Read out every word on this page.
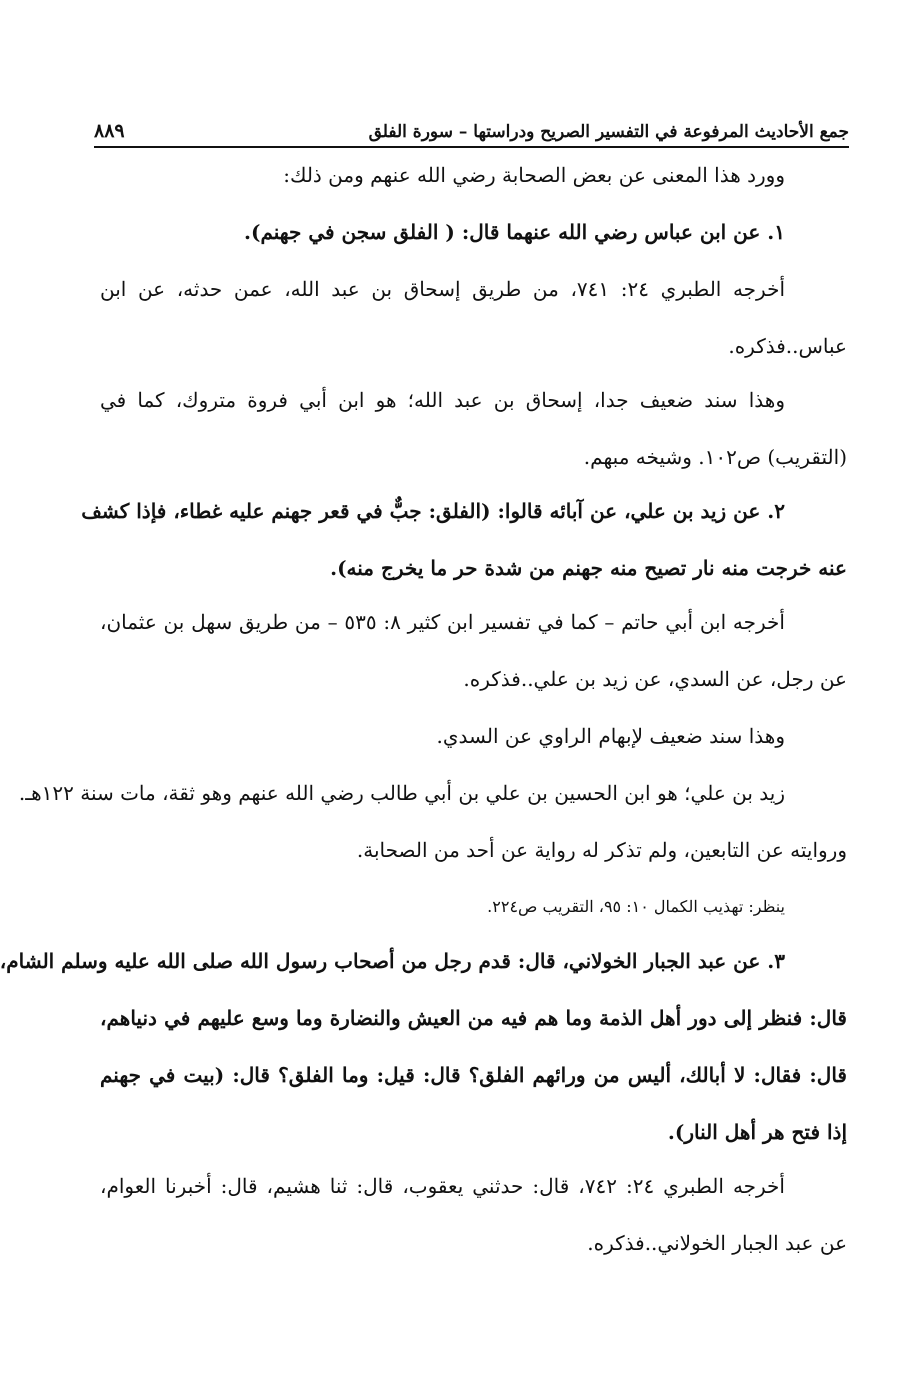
جمع الأحاديث المرفوعة في التفسير الصريح ودراستها – سورة الفلق
٨٨٩
وورد هذا المعنى عن بعض الصحابة رضي الله عنهم ومن ذلك:
١. عن ابن عباس رضي الله عنهما قال: ( الفلق سجن في جهنم).
أخرجه الطبري ٢٤: ٧٤١، من طريق إسحاق بن عبد الله، عمن حدثه، عن ابن
عباس..فذكره.
وهذا سند ضعيف جدا، إسحاق بن عبد الله؛ هو ابن أبي فروة متروك، كما في
(التقريب) ص١٠٢. وشيخه مبهم.
٢. عن زيد بن علي، عن آبائه قالوا: (الفلق: جبٌّ في قعر جهنم عليه غطاء، فإذا كشف
عنه خرجت منه نار تصيح منه جهنم من شدة حر ما يخرج منه).
أخرجه ابن أبي حاتم – كما في تفسير ابن كثير ٨: ٥٣٥ – من طريق سهل بن عثمان،
عن رجل، عن السدي، عن زيد بن علي..فذكره.
وهذا سند ضعيف لإبهام الراوي عن السدي.
زيد بن علي؛ هو ابن الحسين بن علي بن أبي طالب رضي الله عنهم وهو ثقة، مات سنة ١٢٢هـ.
وروايته عن التابعين، ولم تذكر له رواية عن أحد من الصحابة.
ينظر: تهذيب الكمال ١٠: ٩٥، التقريب ص٢٢٤.
٣. عن عبد الجبار الخولاني، قال: قدم رجل من أصحاب رسول الله صلى الله عليه وسلم الشام،
قال: فنظر إلى دور أهل الذمة وما هم فيه من العيش والنضارة وما وسع عليهم في دنياهم،
قال: فقال: لا أبالك، أليس من ورائهم الفلق؟ قال: قيل: وما الفلق؟ قال: (بيت في جهنم
إذا فتح هر أهل النار).
أخرجه الطبري ٢٤: ٧٤٢، قال: حدثني يعقوب، قال: ثنا هشيم، قال: أخبرنا العوام،
عن عبد الجبار الخولاني..فذكره.
